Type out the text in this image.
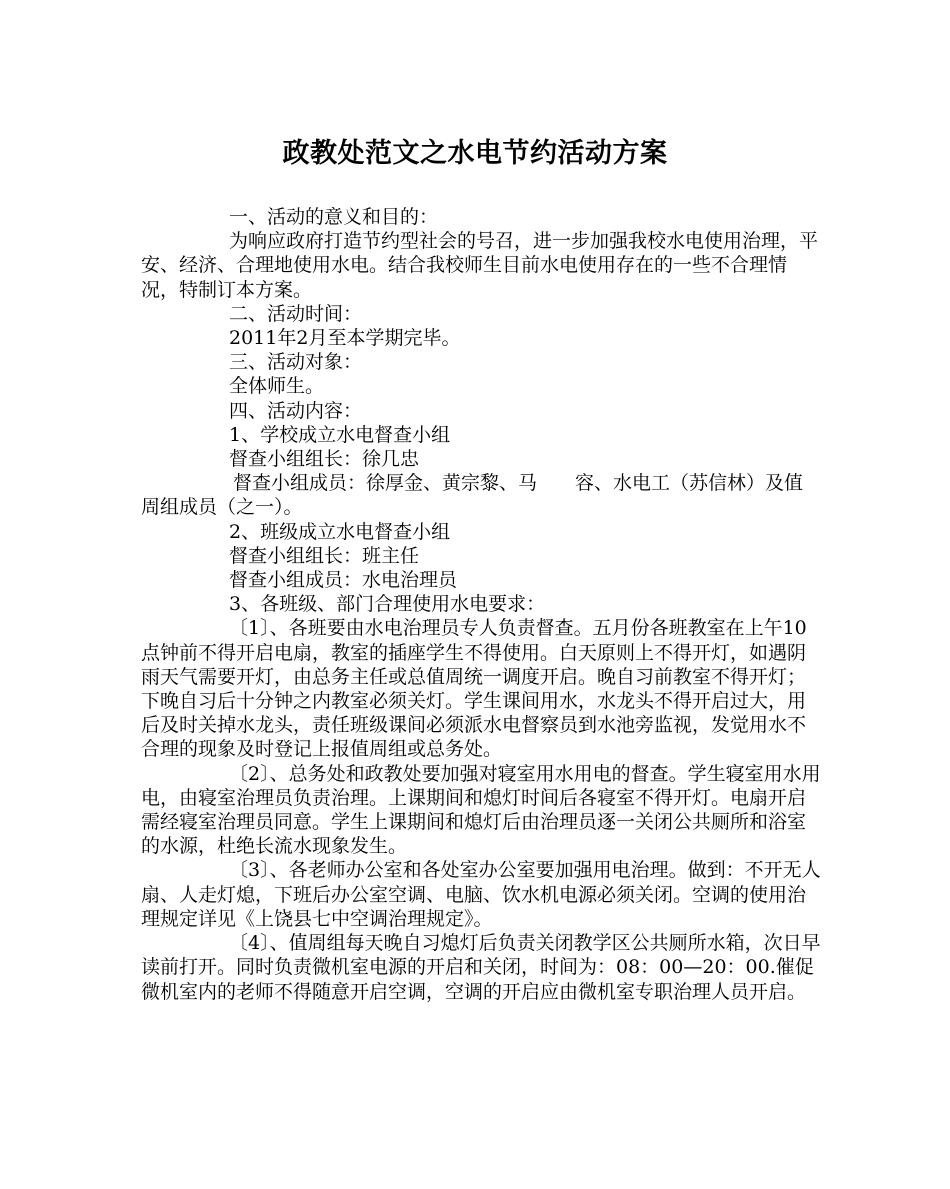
政教处范文之水电节约活动方案

一、活动的意义和目的：

为响应政府打造节约型社会的号召，进一步加强我校水电使用治理，平安、经济、合理地使用水电。结合我校师生目前水电使用存在的一些不合理情况，特制订本方案。

二、活动时间：

2011年2月至本学期完毕。

三、活动对象：

全体师生。

四、活动内容：

1、学校成立水电督查小组

督查小组组长：徐几忠

督查小组成员：徐厚金、黄宗黎、马　　容、水电工（苏信林）及值周组成员（之一）。

2、班级成立水电督查小组

督查小组组长：班主任

督查小组成员：水电治理员

3、各班级、部门合理使用水电要求：

〔1〕、各班要由水电治理员专人负责督查。五月份各班教室在上午10点钟前不得开启电扇，教室的插座学生不得使用。白天原则上不得开灯，如遇阴雨天气需要开灯，由总务主任或总值周统一调度开启。晚自习前教室不得开灯；下晚自习后十分钟之内教室必须关灯。学生课间用水，水龙头不得开启过大，用后及时关掉水龙头，责任班级课间必须派水电督察员到水池旁监视，发觉用水不合理的现象及时登记上报值周组或总务处。

〔2〕、总务处和政教处要加强对寝室用水用电的督查。学生寝室用水用电，由寝室治理员负责治理。上课期间和熄灯时间后各寝室不得开灯。电扇开启需经寝室治理员同意。学生上课期间和熄灯后由治理员逐一关闭公共厕所和浴室的水源，杜绝长流水现象发生。

〔3〕、各老师办公室和各处室办公室要加强用电治理。做到：不开无人扇、人走灯熄，下班后办公室空调、电脑、饮水机电源必须关闭。空调的使用治理规定详见《上饶县七中空调治理规定》。

〔4〕、值周组每天晚自习熄灯后负责关闭教学区公共厕所水箱，次日早读前打开。同时负责微机室电源的开启和关闭，时间为：08：00—20：00.催促微机室内的老师不得随意开启空调，空调的开启应由微机室专职治理人员开启。
